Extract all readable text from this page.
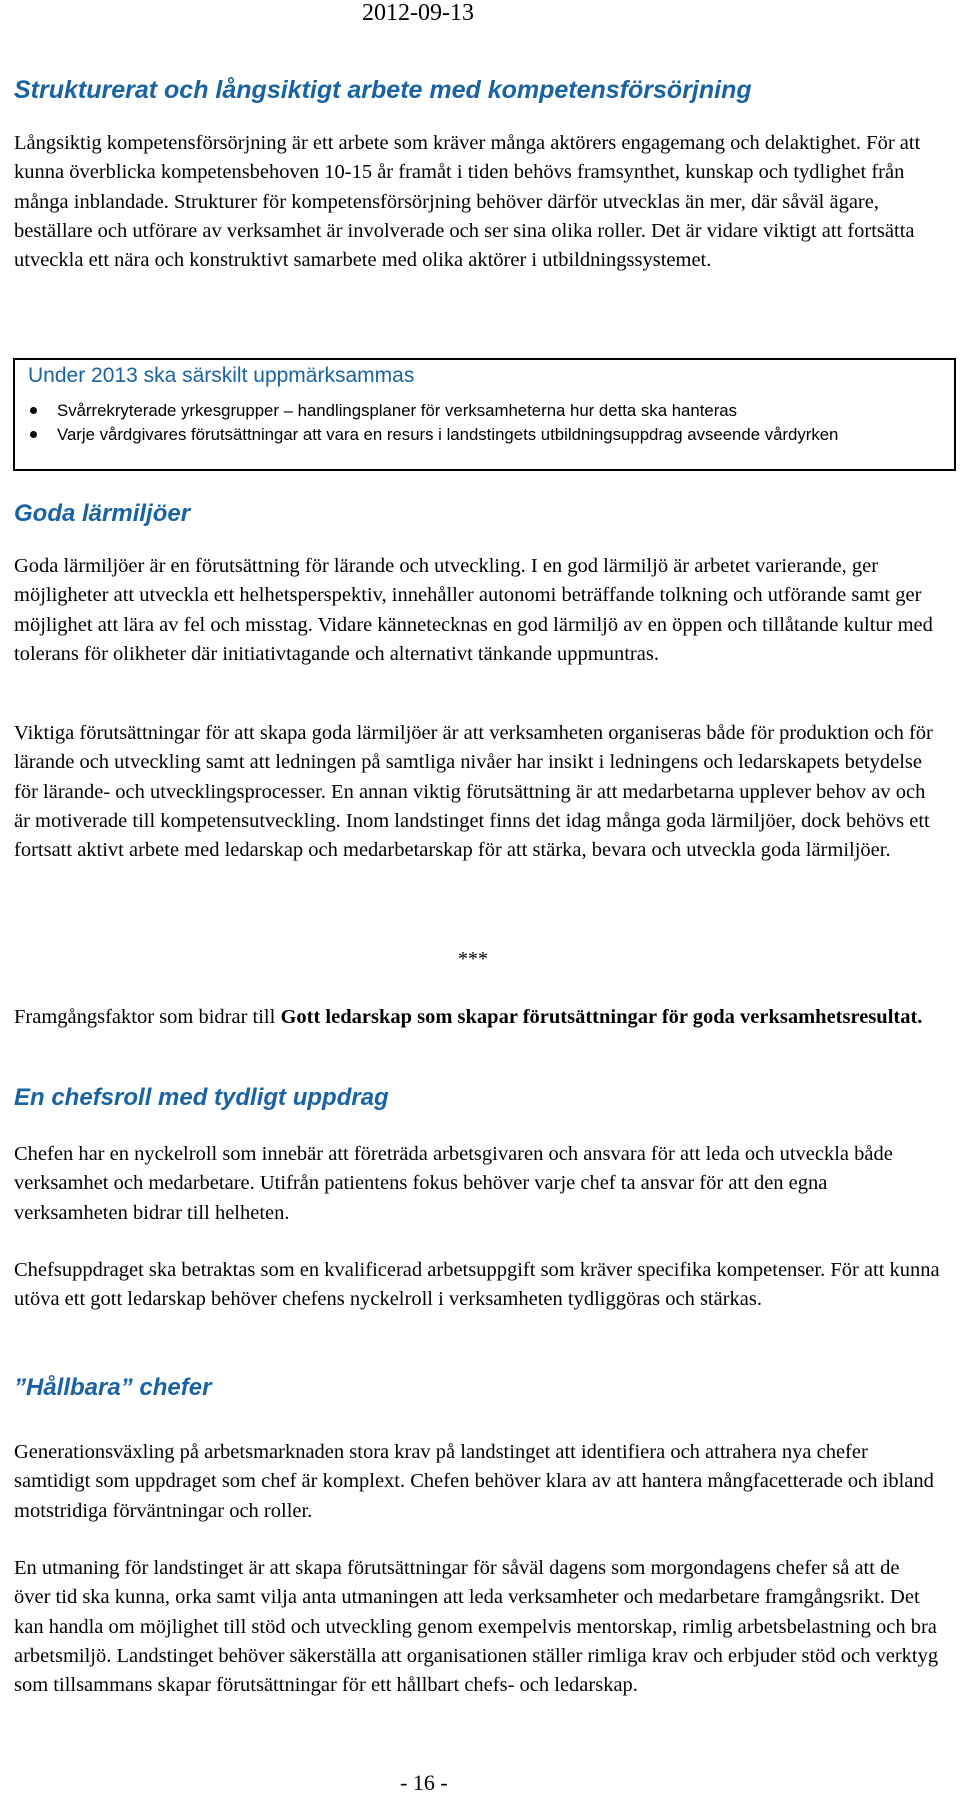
2012-09-13
Strukturerat och långsiktigt arbete med kompetensförsörjning

Långsiktig kompetensförsörjning är ett arbete som kräver många aktörers engagemang och delaktighet. För att kunna överblicka kompetensbehoven 10-15 år framåt i tiden behövs framsynthet, kunskap och tydlighet från många inblandade. Strukturer för kompetensförsörjning behöver därför utvecklas än mer, där såväl ägare, beställare och utförare av verksamhet är involverade och ser sina olika roller. Det är vidare viktigt att fortsätta utveckla ett nära och konstruktivt samarbete med olika aktörer i utbildningssystemet.

Under 2013 ska särskilt uppmärksammas
Svårrekryterade yrkesgrupper – handlingsplaner för verksamheterna hur detta ska hanteras
Varje vårdgivares förutsättningar att vara en resurs i landstingets utbildningsuppdrag avseende vårdyrken
Goda lärmiljöer

Goda lärmiljöer är en förutsättning för lärande och utveckling. I en god lärmiljö är arbetet varierande, ger möjligheter att utveckla ett helhetsperspektiv, innehåller autonomi beträffande tolkning och utförande samt ger möjlighet att lära av fel och misstag. Vidare kännetecknas en god lärmiljö av en öppen och tillåtande kultur med tolerans för olikheter där initiativtagande och alternativt tänkande uppmuntras.

Viktiga förutsättningar för att skapa goda lärmiljöer är att verksamheten organiseras både för produktion och för lärande och utveckling samt att ledningen på samtliga nivåer har insikt i ledningens och ledarskapets betydelse för lärande- och utvecklingsprocesser. En annan viktig förutsättning är att medarbetarna upplever behov av och är motiverade till kompetensutveckling. Inom landstinget finns det idag många goda lärmiljöer, dock behövs ett fortsatt aktivt arbete med ledarskap och medarbetarskap för att stärka, bevara och utveckla goda lärmiljöer.

***

Framgångsfaktor som bidrar till Gott ledarskap som skapar förutsättningar för goda verksamhetsresultat.

En chefsroll med tydligt uppdrag

Chefen har en nyckelroll som innebär att företräda arbetsgivaren och ansvara för att leda och utveckla både verksamhet och medarbetare. Utifrån patientens fokus behöver varje chef ta ansvar för att den egna verksamheten bidrar till helheten.

Chefsuppdraget ska betraktas som en kvalificerad arbetsuppgift som kräver specifika kompetenser. För att kunna utöva ett gott ledarskap behöver chefens nyckelroll i verksamheten tydliggöras och stärkas.

”Hållbara” chefer

Generationsväxling på arbetsmarknaden stora krav på landstinget att identifiera och attrahera nya chefer samtidigt som uppdraget som chef är komplext. Chefen behöver klara av att hantera mångfacetterade och ibland motstridiga förväntningar och roller.

En utmaning för landstinget är att skapa förutsättningar för såväl dagens som morgondagens chefer så att de över tid ska kunna, orka samt vilja anta utmaningen att leda verksamheter och medarbetare framgångsrikt. Det kan handla om möjlighet till stöd och utveckling genom exempelvis mentorskap, rimlig arbetsbelastning och bra arbetsmiljö. Landstinget behöver säkerställa att organisationen ställer rimliga krav och erbjuder stöd och verktyg som tillsammans skapar förutsättningar för ett hållbart chefs- och ledarskap.

- 16 -
